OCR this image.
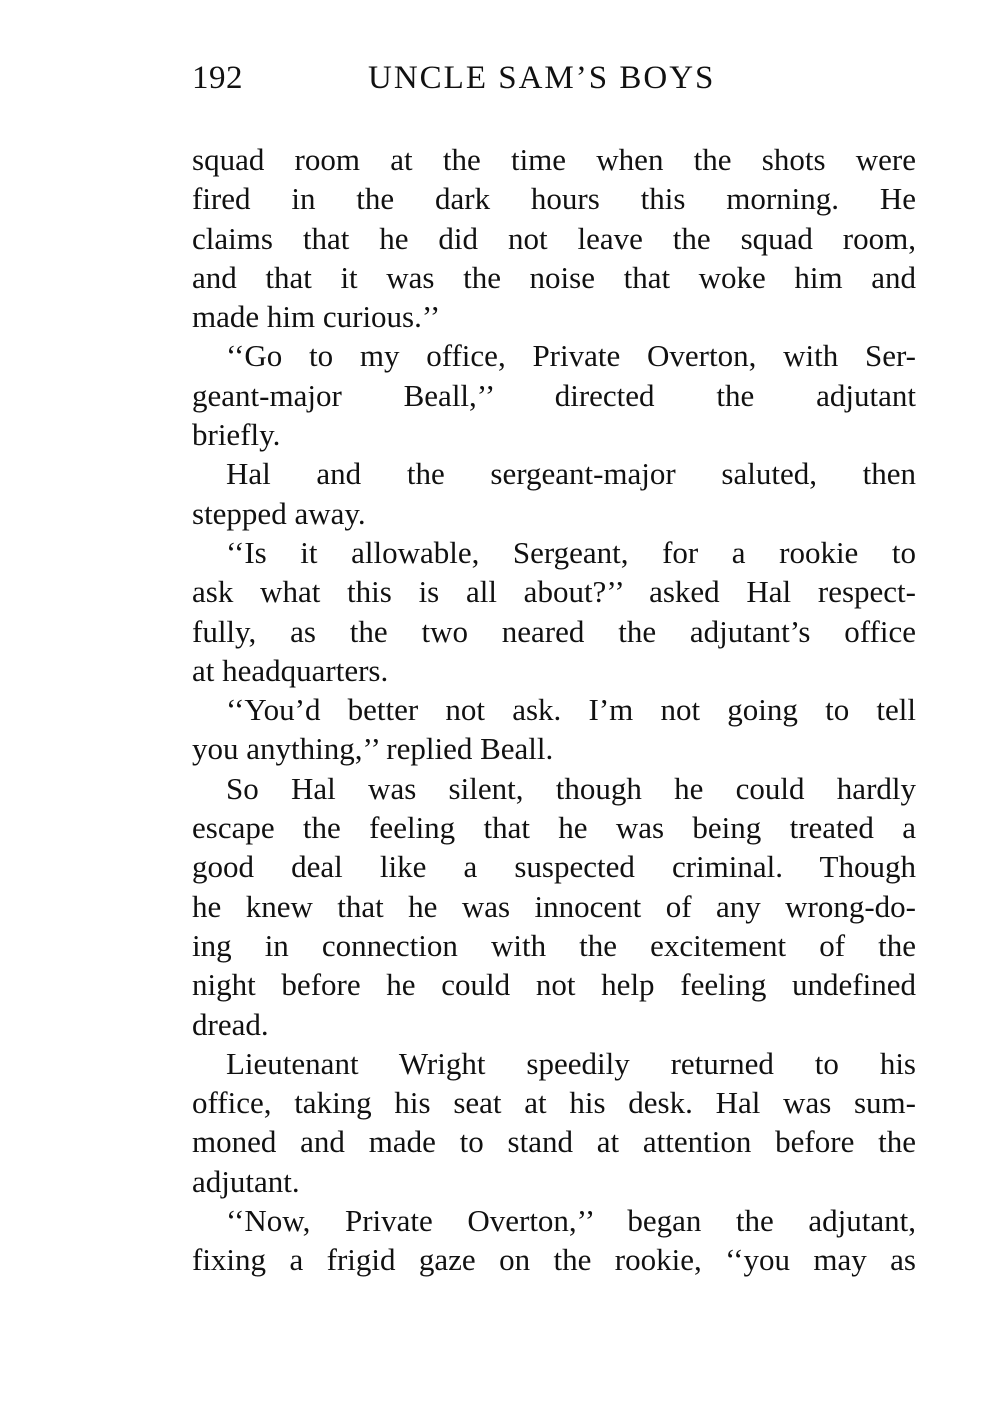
192	UNCLE SAM’S BOYS
squad room at the time when the shots were
fired in the dark hours this morning. He
claims that he did not leave the squad room,
and that it was the noise that woke him and
made him curious.’’
‘‘Go to my office, Private Overton, with Ser-
geant-major Beall,’’ directed the adjutant
briefly.
Hal and the sergeant-major saluted, then
stepped away.
‘‘Is it allowable, Sergeant, for a rookie to
ask what this is all about?’’ asked Hal respect-
fully, as the two neared the adjutant’s office
at headquarters.
‘‘You’d better not ask. I’m not going to tell
you anything,’’ replied Beall.
So Hal was silent, though he could hardly
escape the feeling that he was being treated a
good deal like a suspected criminal. Though
he knew that he was innocent of any wrong-do-
ing in connection with the excitement of the
night before he could not help feeling undefined
dread.
Lieutenant Wright speedily returned to his
office, taking his seat at his desk. Hal was sum-
moned and made to stand at attention before the
adjutant.
‘‘Now, Private Overton,’’ began the adjutant,
fixing a frigid gaze on the rookie, ‘‘you may as
